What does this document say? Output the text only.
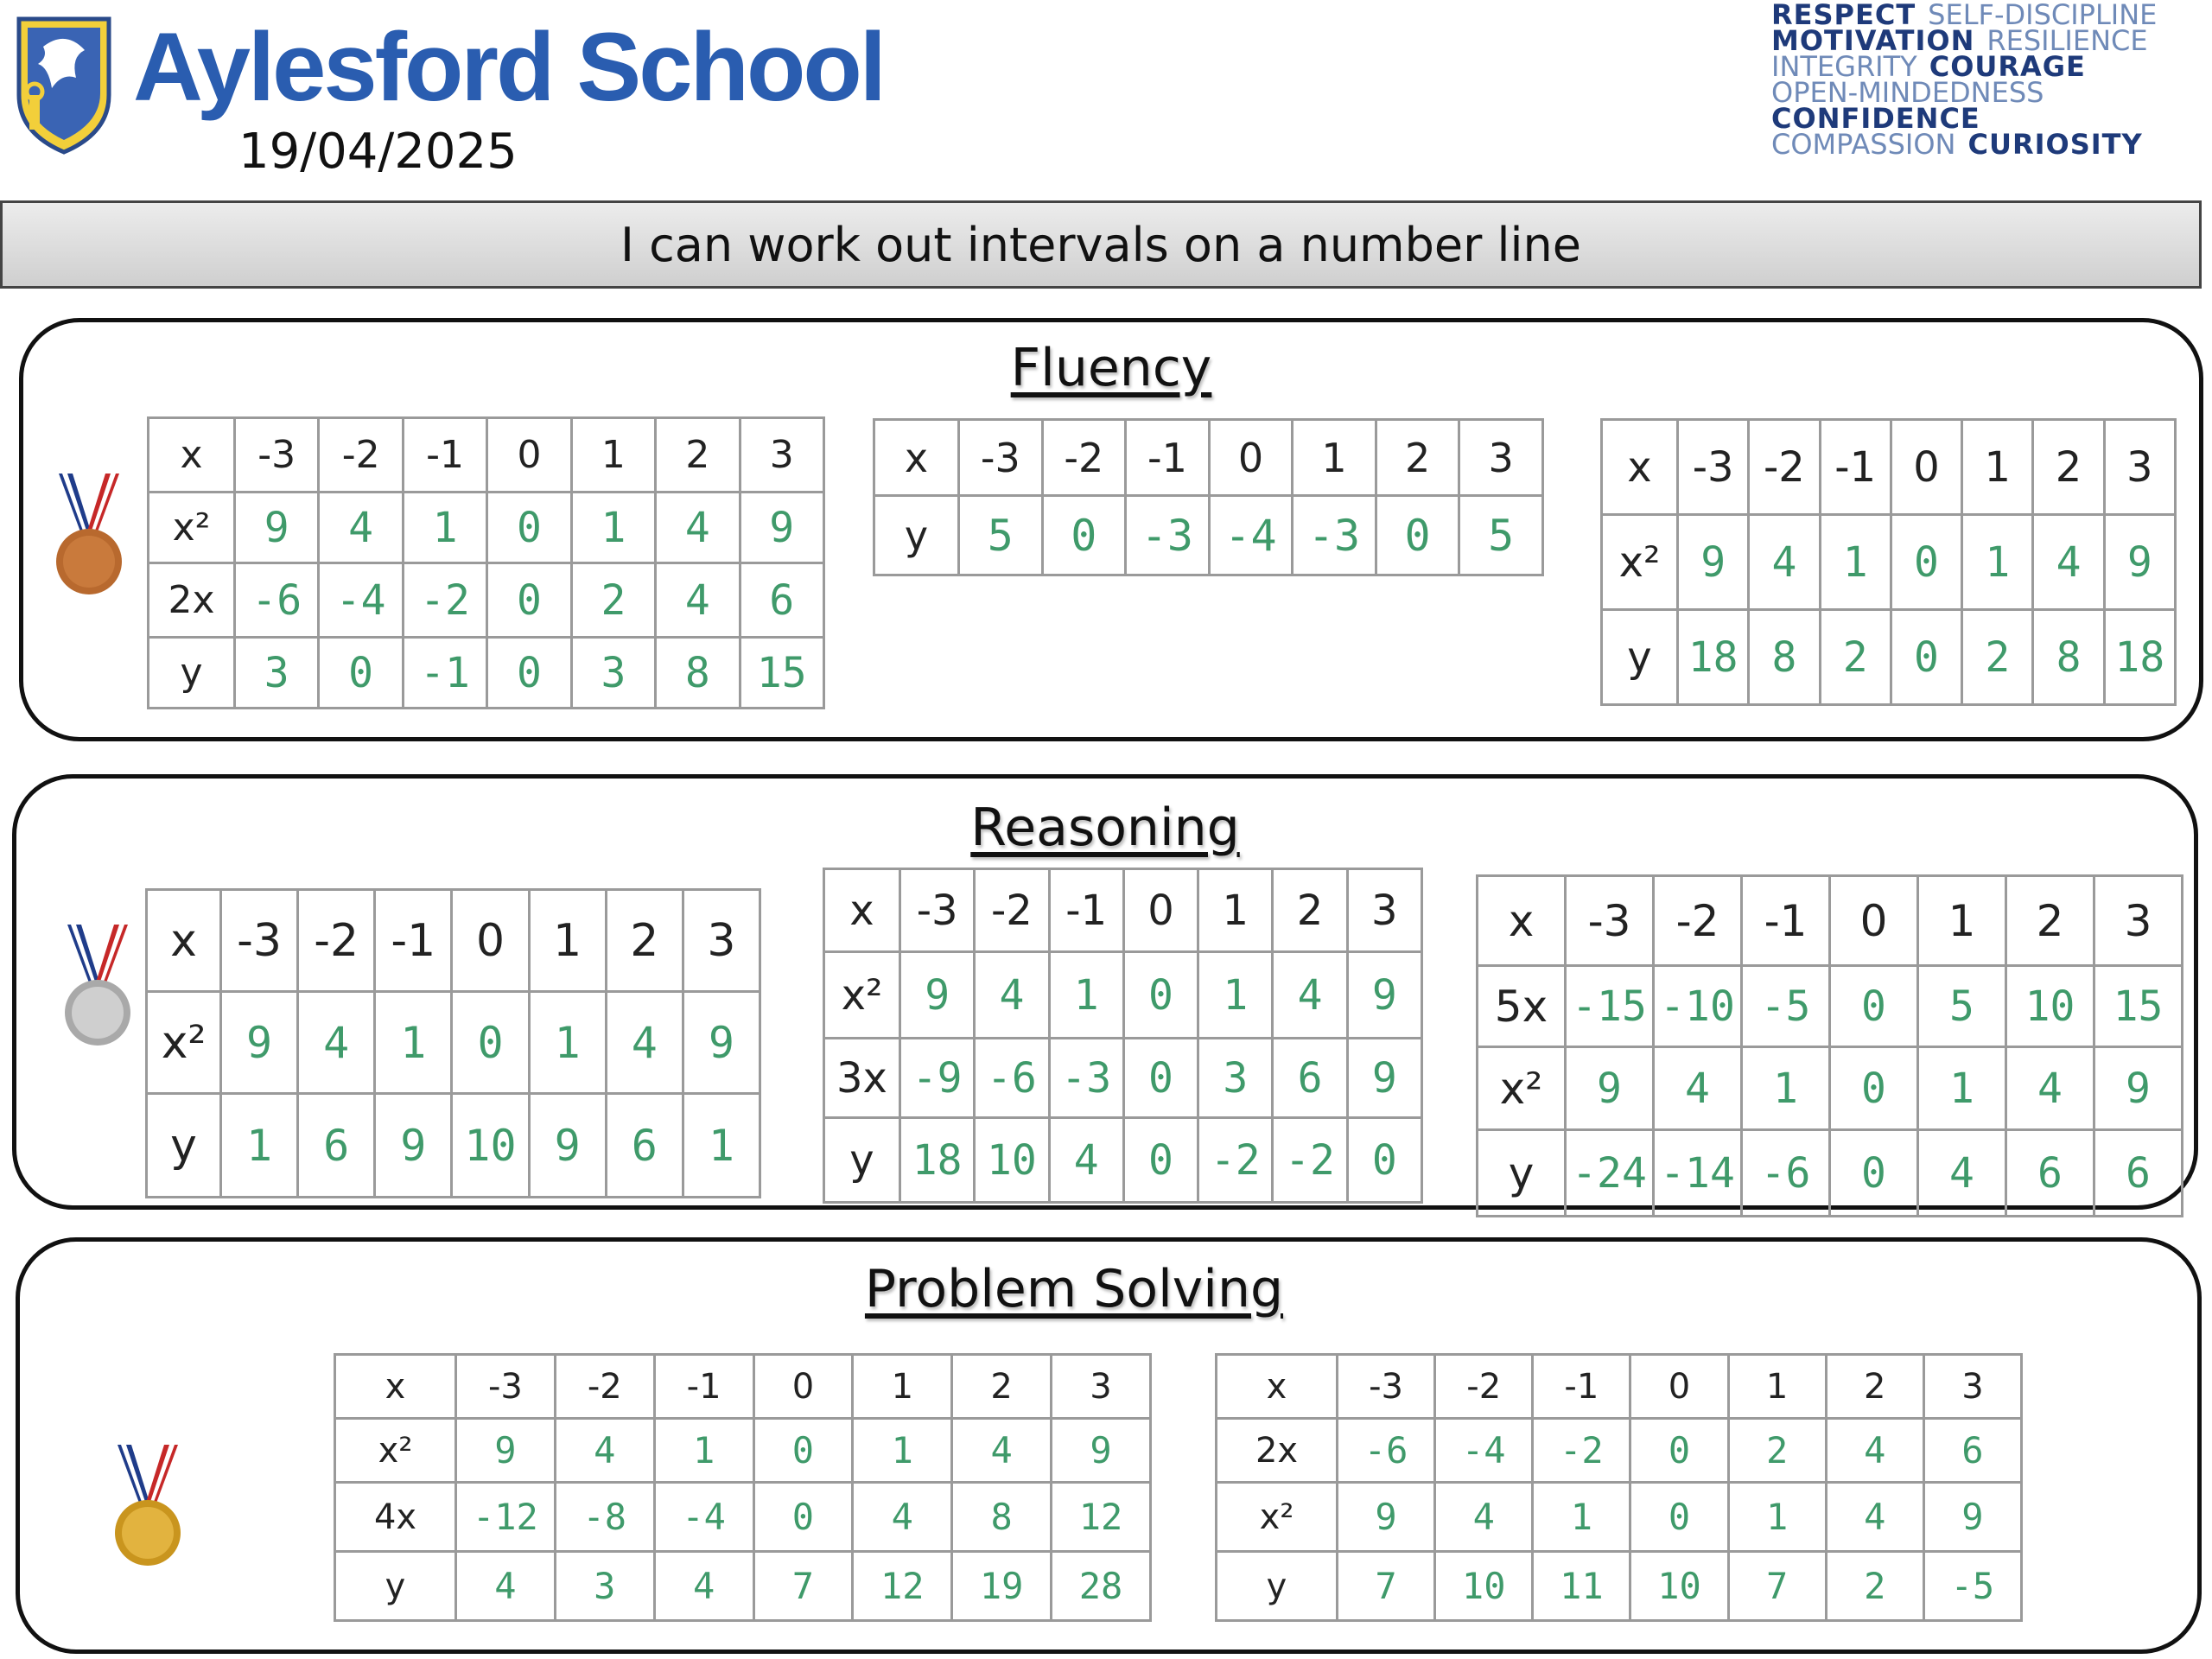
Aylesford School
19/04/2025
RESPECT SELF-DISCIPLINE
MOTIVATION RESILIENCE
INTEGRITY COURAGE
OPEN-MINDEDNESS
CONFIDENCE
COMPASSION CURIOSITY
I can work out intervals on a number line
Fluency
Reasoning
Problem Solving
x	-3	-2	-1	0	1	2	3
x²	9	4	1	0	1	4	9
2x	-6	-4	-2	0	2	4	6
y	3	0	-1	0	3	8	15
x	-3	-2	-1	0	1	2	3
y	5	0	-3	-4	-3	0	5
x	-3	-2	-1	0	1	2	3
x²	9	4	1	0	1	4	9
y	18	8	2	0	2	8	18
x	-3	-2	-1	0	1	2	3
x²	9	4	1	0	1	4	9
y	1	6	9	10	9	6	1
x	-3	-2	-1	0	1	2	3
x²	9	4	1	0	1	4	9
3x	-9	-6	-3	0	3	6	9
y	18	10	4	0	-2	-2	0
x	-3	-2	-1	0	1	2	3
5x	-15	-10	-5	0	5	10	15
x²	9	4	1	0	1	4	9
y	-24	-14	-6	0	4	6	6
x	-3	-2	-1	0	1	2	3
x²	9	4	1	0	1	4	9
4x	-12	-8	-4	0	4	8	12
y	4	3	4	7	12	19	28
x	-3	-2	-1	0	1	2	3
2x	-6	-4	-2	0	2	4	6
x²	9	4	1	0	1	4	9
y	7	10	11	10	7	2	-5
